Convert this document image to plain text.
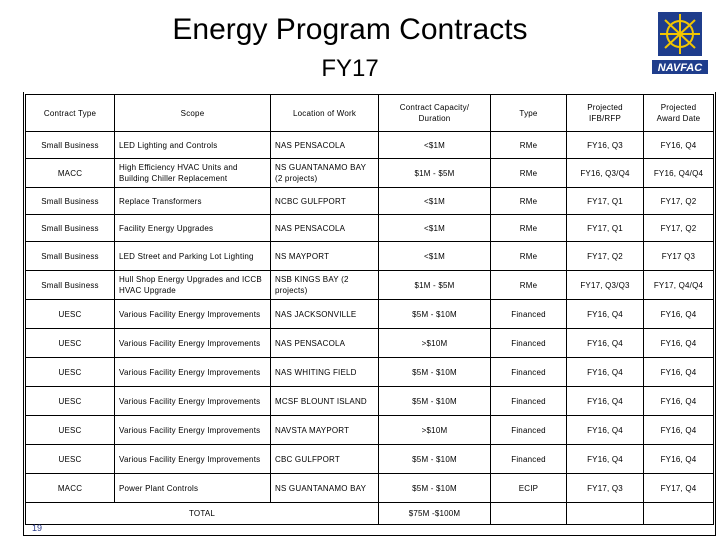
Energy Program Contracts
FY17	NAVFAC
Contract Type	Scope	Location of Work	Contract Capacity/ Duration	Type	Projected IFB/RFP	Projected Award Date
Small Business	LED Lighting and Controls	NAS PENSACOLA	<$1M	RMe	FY16, Q3	FY16, Q4
MACC	High Efficiency HVAC Units and Building Chiller Replacement	NS GUANTANAMO BAY (2 projects)	$1M - $5M	RMe	FY16, Q3/Q4	FY16, Q4/Q4
Small Business	Replace Transformers	NCBC GULFPORT	<$1M	RMe	FY17, Q1	FY17, Q2
Small Business	Facility Energy Upgrades	NAS PENSACOLA	<$1M	RMe	FY17, Q1	FY17, Q2
Small Business	LED Street and Parking Lot Lighting	NS MAYPORT	<$1M	RMe	FY17, Q2	FY17 Q3
Small Business	Hull Shop Energy Upgrades and ICCB HVAC Upgrade	NSB KINGS BAY (2 projects)	$1M - $5M	RMe	FY17, Q3/Q3	FY17, Q4/Q4
UESC	Various Facility Energy Improvements	NAS JACKSONVILLE	$5M - $10M	Financed	FY16, Q4	FY16, Q4
UESC	Various Facility Energy Improvements	NAS PENSACOLA	>$10M	Financed	FY16, Q4	FY16, Q4
UESC	Various Facility Energy Improvements	NAS WHITING FIELD	$5M - $10M	Financed	FY16, Q4	FY16, Q4
UESC	Various Facility Energy Improvements	MCSF BLOUNT ISLAND	$5M - $10M	Financed	FY16, Q4	FY16, Q4
UESC	Various Facility Energy Improvements	NAVSTA MAYPORT	>$10M	Financed	FY16, Q4	FY16, Q4
UESC	Various Facility Energy Improvements	CBC GULFPORT	$5M - $10M	Financed	FY16, Q4	FY16, Q4
MACC	Power Plant Controls	NS GUANTANAMO BAY	$5M - $10M	ECIP	FY17, Q3	FY17, Q4
TOTAL			$75M -$100M			
19
